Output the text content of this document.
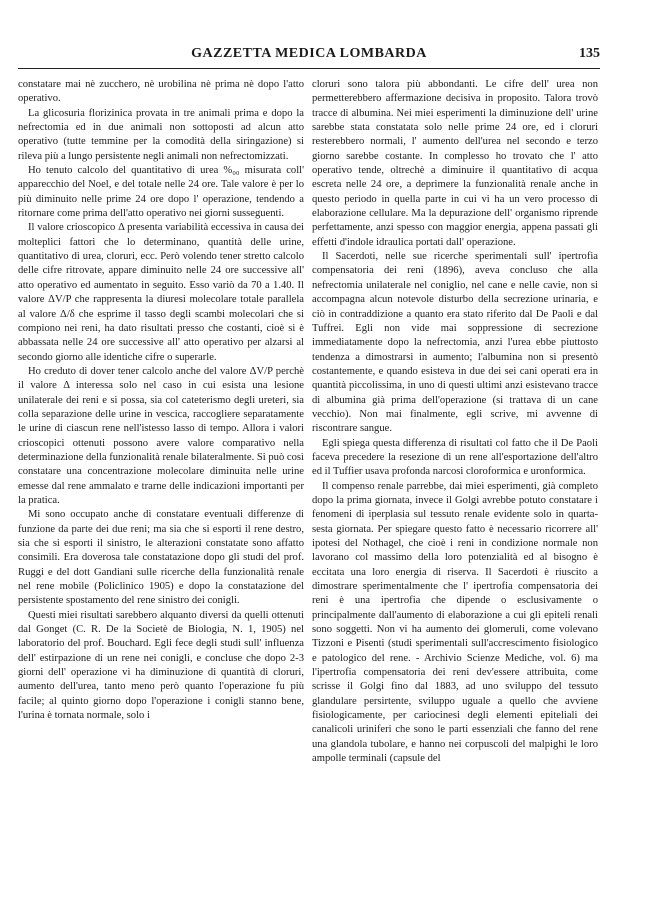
GAZZETTA MEDICA LOMBARDA	135

constatare mai nè zucchero, nè urobilina nè prima nè dopo l'atto operativo.

La glicosuria florizinica provata in tre animali prima e dopo la nefrectomia ed in due animali non sottoposti ad alcun atto operativo (tutte temmine per la comodità della siringazione) si rileva più a lungo persistente negli animali non nefrectomizzati.

Ho tenuto calcolo del quantitativo di urea %₀₀ misurata coll' apparecchio del Noel, e del totale nelle 24 ore. Tale valore è per lo più diminuito nelle prime 24 ore dopo l' operazione, tendendo a ritornare come prima dell'atto operativo nei giorni susseguenti.

Il valore crioscopico Δ presenta variabilità eccessiva in causa dei molteplici fattori che lo determinano, quantità delle urine, quantitativo di urea, cloruri, ecc. Però volendo tener stretto calcolo delle cifre ritrovate, appare diminuito nelle 24 ore successive all' atto operativo ed aumentato in seguito. Esso variò da 70 a 1.40. Il valore ΔV/P che rappresenta la diuresi molecolare totale parallela al valore Δ/δ che esprime il tasso degli scambi molecolari che si compiono nei reni, ha dato risultati presso che costanti, cioè si è abbassata nelle 24 ore successive all' atto operativo per alzarsi al secondo giorno alle identiche cifre o superarle.

Ho creduto di dover tener calcolo anche del valore ΔV/P perchè il valore Δ interessa solo nel caso in cui esista una lesione unilaterale dei reni e si possa, sia col cateterismo degli ureteri, sia colla separazione delle urine in vescica, raccogliere separatamente le urine di ciascun rene nell'istesso lasso di tempo. Allora i valori crioscopici ottenuti possono avere valore comparativo nella determinazione della funzionalità renale bilateralmente. Si può così constatare una concentrazione molecolare diminuita nelle urine emesse dal rene ammalato e trarne delle indicazioni importanti per la pratica.

Mi sono occupato anche di constatare eventuali differenze di funzione da parte dei due reni; ma sia che si esporti il rene destro, sia che si esporti il sinistro, le alterazioni constatate sono affatto consimili. Era doverosa tale constatazione dopo gli studi del prof. Ruggi e del dott Gandiani sulle ricerche della funzionalità renale nel rene mobile (Policlinico 1905) e dopo la constatazione del persistente spostamento del rene sinistro dei conigli.

Questi miei risultati sarebbero alquanto diversi da quelli ottenuti dal Gonget (C. R. De la Societè de Biologia, N. 1, 1905) nel laboratorio del prof. Bouchard. Egli fece degli studi sull' influenza dell' estirpazione di un rene nei conigli, e concluse che dopo 2-3 giorni dell' operazione vi ha diminuzione di quantità di cloruri, aumento dell'urea, tanto meno però quanto l'operazione fu più facile; al quinto giorno dopo l'operazione i conigli stanno bene, l'urina è tornata normale, solo i

cloruri sono talora più abbondanti. Le cifre dell' urea non permetterebbero affermazione decisiva in proposito. Talora trovò tracce di albumina. Nei miei esperimenti la diminuzione dell' urine sarebbe stata constatata solo nelle prime 24 ore, ed i cloruri resterebbero normali, l' aumento dell'urea nel secondo e terzo giorno sarebbe costante. In complesso ho trovato che l' atto operativo tende, oltrechè a diminuire il quantitativo di acqua escreta nelle 24 ore, a deprimere la funzionalità renale anche in questo periodo in quella parte in cui vi ha un vero processo di elaborazione cellulare. Ma la depurazione dell' organismo riprende perfettamente, anzi spesso con maggior energia, appena passati gli effetti d'indole idraulica portati dall' operazione.

Il Sacerdoti, nelle sue ricerche sperimentali sull' ipertrofia compensatoria dei reni (1896), aveva concluso che alla nefrectomia unilaterale nel coniglio, nel cane e nelle cavie, non si accompagna alcun notevole disturbo della secrezione urinaria, e ciò in contraddizione a quanto era stato riferito dal De Paoli e dal Tuffrei. Egli non vide mai soppressione di secrezione immediatamente dopo la nefrectomia, anzi l'urea ebbe piuttosto tendenza a dimostrarsi in aumento; l'albumina non si presentò costantemente, e quando esisteva in due dei sei cani operati era in quantità piccolissima, in uno di questi ultimi anzi esistevano tracce di albumina già prima dell'operazione (si trattava di un cane vecchio). Non mai finalmente, egli scrive, mi avvenne di riscontrare sangue.

Egli spiega questa differenza di risultati col fatto che il De Paoli faceva precedere la resezione di un rene all'esportazione dell'altro ed il Tuffier usava profonda narcosi cloroformica e uronformica.

Il compenso renale parrebbe, dai miei esperimenti, già completo dopo la prima giornata, invece il Golgi avrebbe potuto constatare i fenomeni di iperplasia sul tessuto renale evidente solo in quarta-sesta giornata. Per spiegare questo fatto è necessario ricorrere all' ipotesi del Nothagel, che cioè i reni in condizione normale non lavorano col massimo della loro potenzialità ed al bisogno è eccitata una loro energia di riserva. Il Sacerdoti è riuscito a dimostrare sperimentalmente che l' ipertrofia compensatoria dei reni è una ipertrofia che dipende o esclusivamente o principalmente dall'aumento di elaborazione a cui gli epiteli renali sono soggetti. Non vi ha aumento dei glomeruli, come volevano Tizzoni e Pisenti (studi sperimentali sull'accrescimento fisiologico e patologico del rene. - Archivio Scienze Mediche, vol. 6) ma l'ipertrofia compensatoria dei reni dev'essere attribuita, come scrisse il Golgi fino dal 1883, ad uno sviluppo del tessuto glandulare persirtente, sviluppo uguale a quello che avviene fisiologicamente, per cariocinesi degli elementi epiteliali dei canalicoli uriniferi che sono le parti essenziali che fanno del rene una glandola tubolare, e hanno nei corpuscoli del malpighi le loro ampolle terminali (capsule del
